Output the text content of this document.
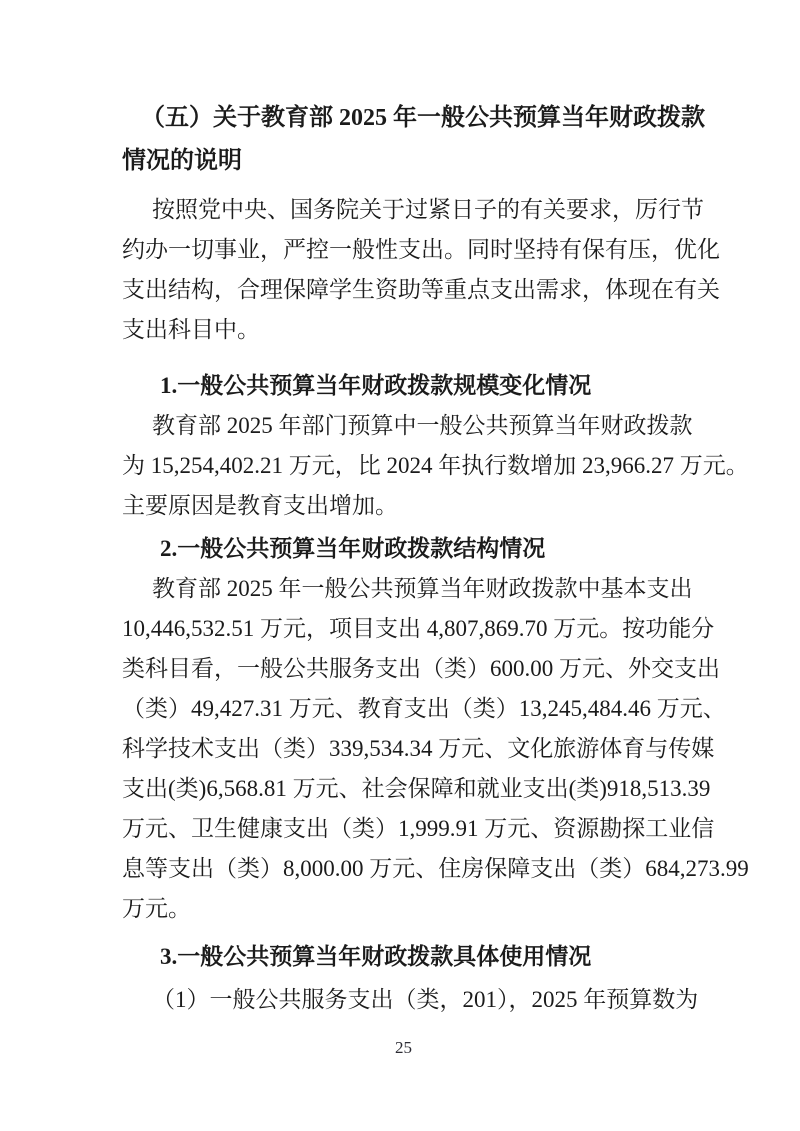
（五）关于教育部 2025 年一般公共预算当年财政拨款
情况的说明
按照党中央、国务院关于过紧日子的有关要求，厉行节
约办一切事业，严控一般性支出。同时坚持有保有压，优化
支出结构，合理保障学生资助等重点支出需求，体现在有关
支出科目中。
1.一般公共预算当年财政拨款规模变化情况
教育部 2025 年部门预算中一般公共预算当年财政拨款
为 15,254,402.21 万元，比 2024 年执行数增加 23,966.27 万元。
主要原因是教育支出增加。
2.一般公共预算当年财政拨款结构情况
教育部 2025 年一般公共预算当年财政拨款中基本支出
10,446,532.51 万元，项目支出 4,807,869.70 万元。按功能分
类科目看，一般公共服务支出（类）600.00 万元、外交支出
（类）49,427.31 万元、教育支出（类）13,245,484.46 万元、
科学技术支出（类）339,534.34 万元、文化旅游体育与传媒
支出(类)6,568.81 万元、社会保障和就业支出(类)918,513.39
万元、卫生健康支出（类）1,999.91 万元、资源勘探工业信
息等支出（类）8,000.00 万元、住房保障支出（类）684,273.99
万元。
3.一般公共预算当年财政拨款具体使用情况
（1）一般公共服务支出（类，201），2025 年预算数为
25
